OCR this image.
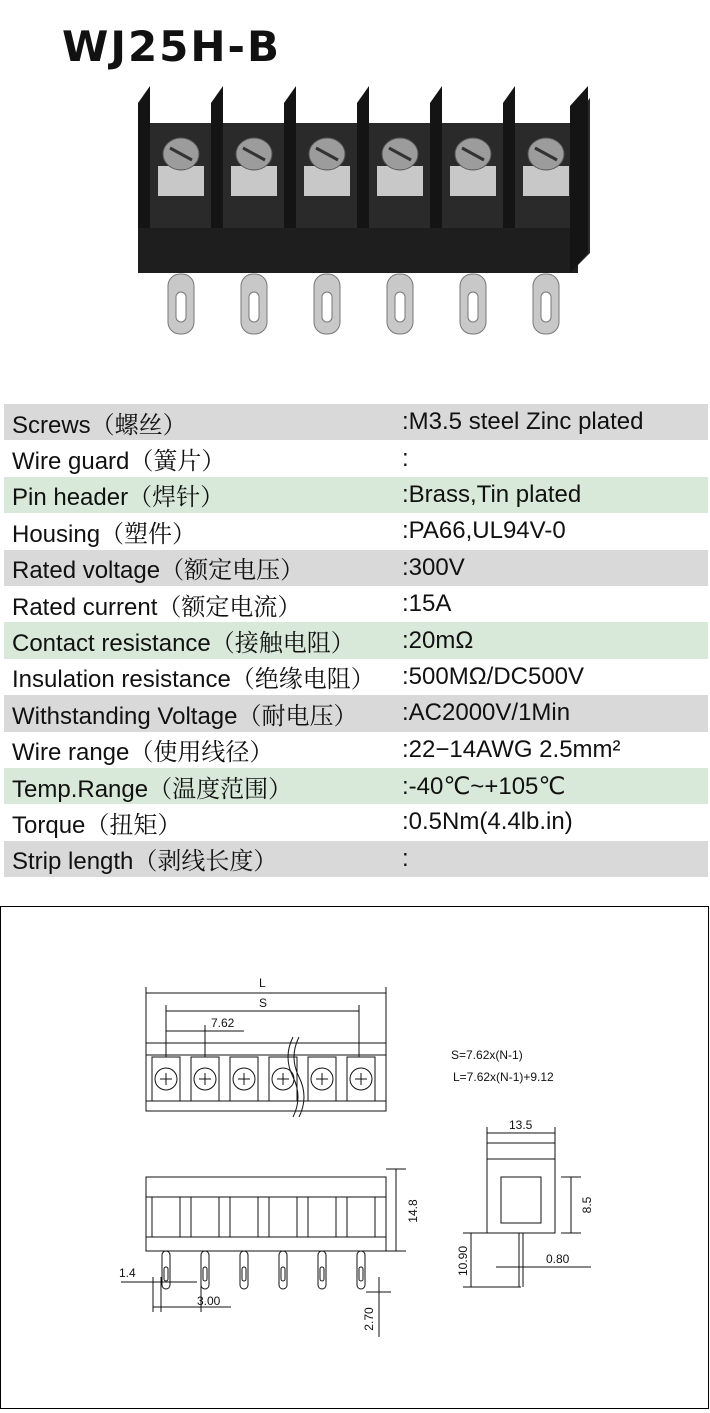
WJ25H-B
Screws（螺丝）	:M3.5 steel Zinc plated
Wire guard（簧片）	:
Pin header（焊针）	:Brass,Tin plated
Housing（塑件）	:PA66,UL94V-0
Rated voltage（额定电压）	:300V
Rated current（额定电流）	:15A
Contact resistance（接触电阻）	:20mΩ
Insulation resistance（绝缘电阻）	:500MΩ/DC500V
Withstanding Voltage（耐电压）	:AC2000V/1Min
Wire range（使用线径）	:22−14AWG 2.5mm²
Temp.Range（温度范围）	:-40℃~+105℃
Torque（扭矩）	:0.5Nm(4.4lb.in)
Strip length（剥线长度）	:
L
S
7.62
S=7.62x(N-1)
L=7.62x(N-1)+9.12
14.8
1.4
3.00
2.70
13.5
8.5
10.90	0.80
